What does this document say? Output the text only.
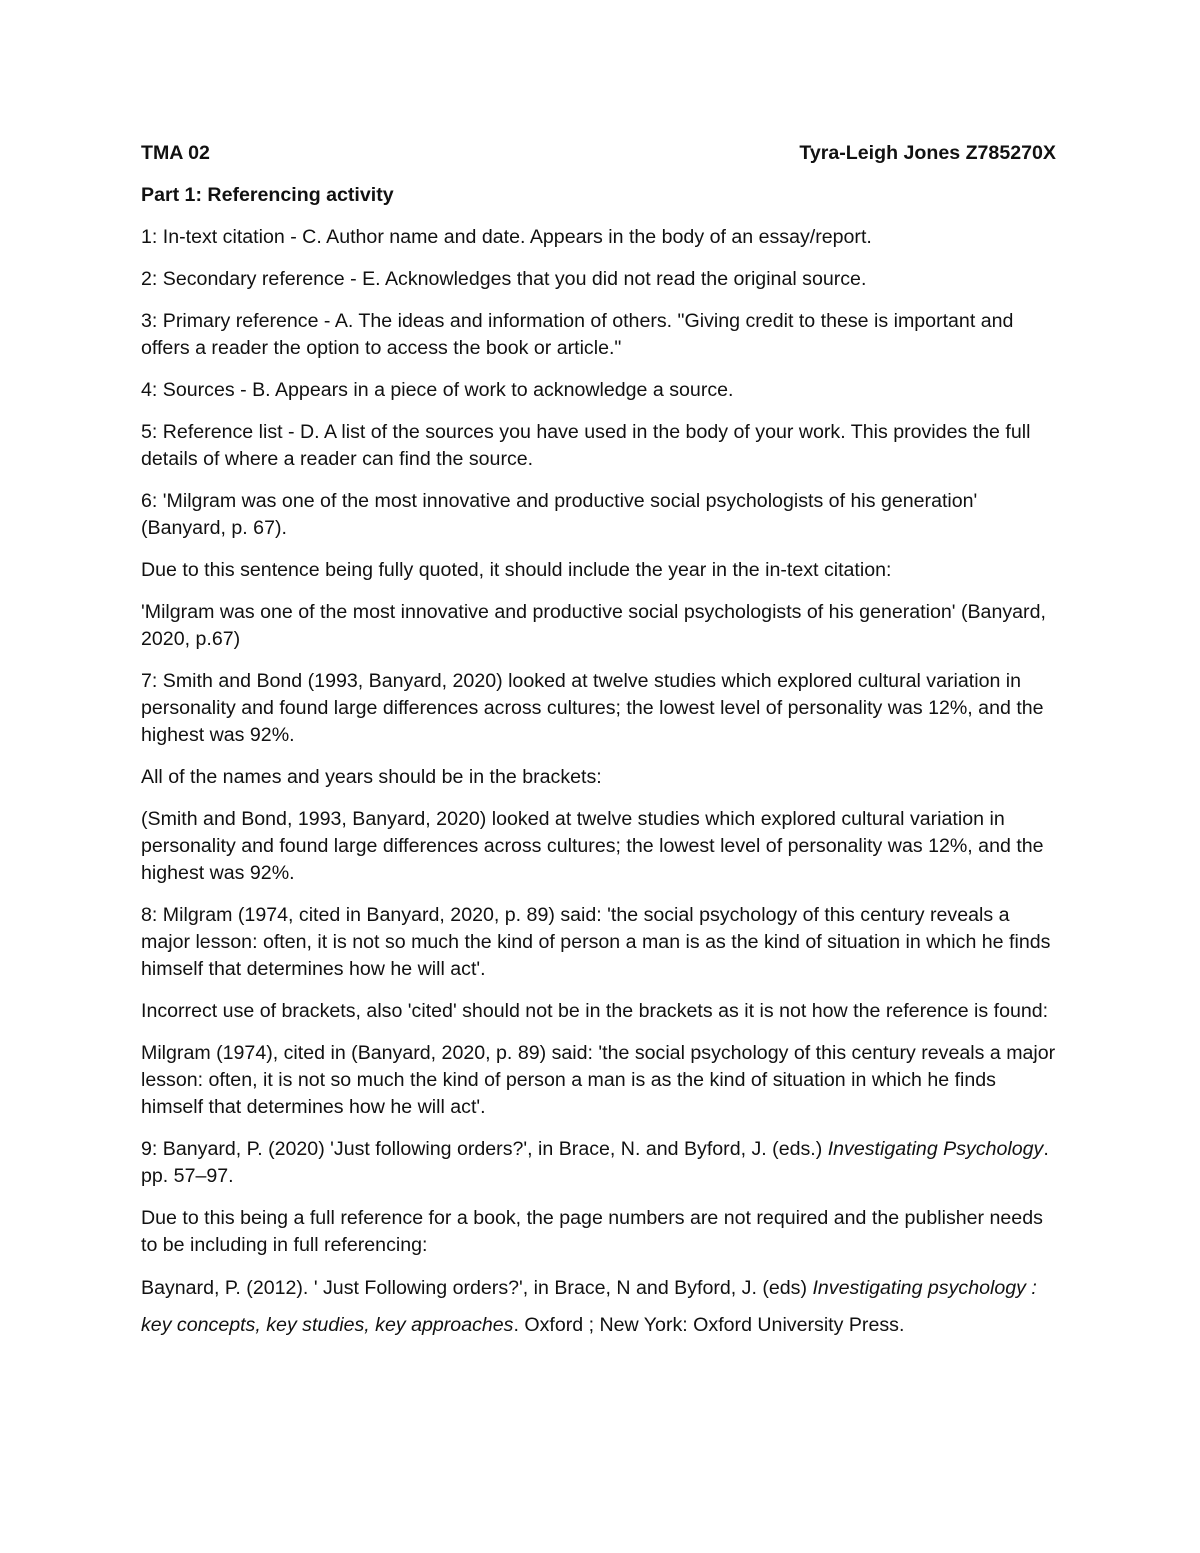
TMA 02	Tyra-Leigh Jones Z785270X
Part 1: Referencing activity

1: In-text citation - C. Author name and date. Appears in the body of an essay/report.

2: Secondary reference - E. Acknowledges that you did not read the original source.

3: Primary reference - A. The ideas and information of others. "Giving credit to these is important and offers a reader the option to access the book or article."

4: Sources - B. Appears in a piece of work to acknowledge a source.

5: Reference list - D. A list of the sources you have used in the body of your work. This provides the full details of where a reader can find the source.

6: 'Milgram was one of the most innovative and productive social psychologists of his generation' (Banyard, p. 67).

Due to this sentence being fully quoted, it should include the year in the in-text citation:

'Milgram was one of the most innovative and productive social psychologists of his generation' (Banyard, 2020, p.67)

7: Smith and Bond (1993, Banyard, 2020) looked at twelve studies which explored cultural variation in personality and found large differences across cultures; the lowest level of personality was 12%, and the highest was 92%.

All of the names and years should be in the brackets:

(Smith and Bond, 1993, Banyard, 2020) looked at twelve studies which explored cultural variation in personality and found large differences across cultures; the lowest level of personality was 12%, and the highest was 92%.

8: Milgram (1974, cited in Banyard, 2020, p. 89) said: 'the social psychology of this century reveals a major lesson: often, it is not so much the kind of person a man is as the kind of situation in which he finds himself that determines how he will act'.

Incorrect use of brackets, also 'cited' should not be in the brackets as it is not how the reference is found:

Milgram (1974), cited in (Banyard, 2020, p. 89) said: 'the social psychology of this century reveals a major lesson: often, it is not so much the kind of person a man is as the kind of situation in which he finds himself that determines how he will act'.

9: Banyard, P. (2020) 'Just following orders?', in Brace, N. and Byford, J. (eds.) Investigating Psychology. pp. 57–97.

Due to this being a full reference for a book, the page numbers are not required and the publisher needs to be including in full referencing:

Baynard, P. (2012). ' Just Following orders?', in Brace, N and Byford, J. (eds) Investigating psychology : key concepts, key studies, key approaches. Oxford ; New York: Oxford University Press.
